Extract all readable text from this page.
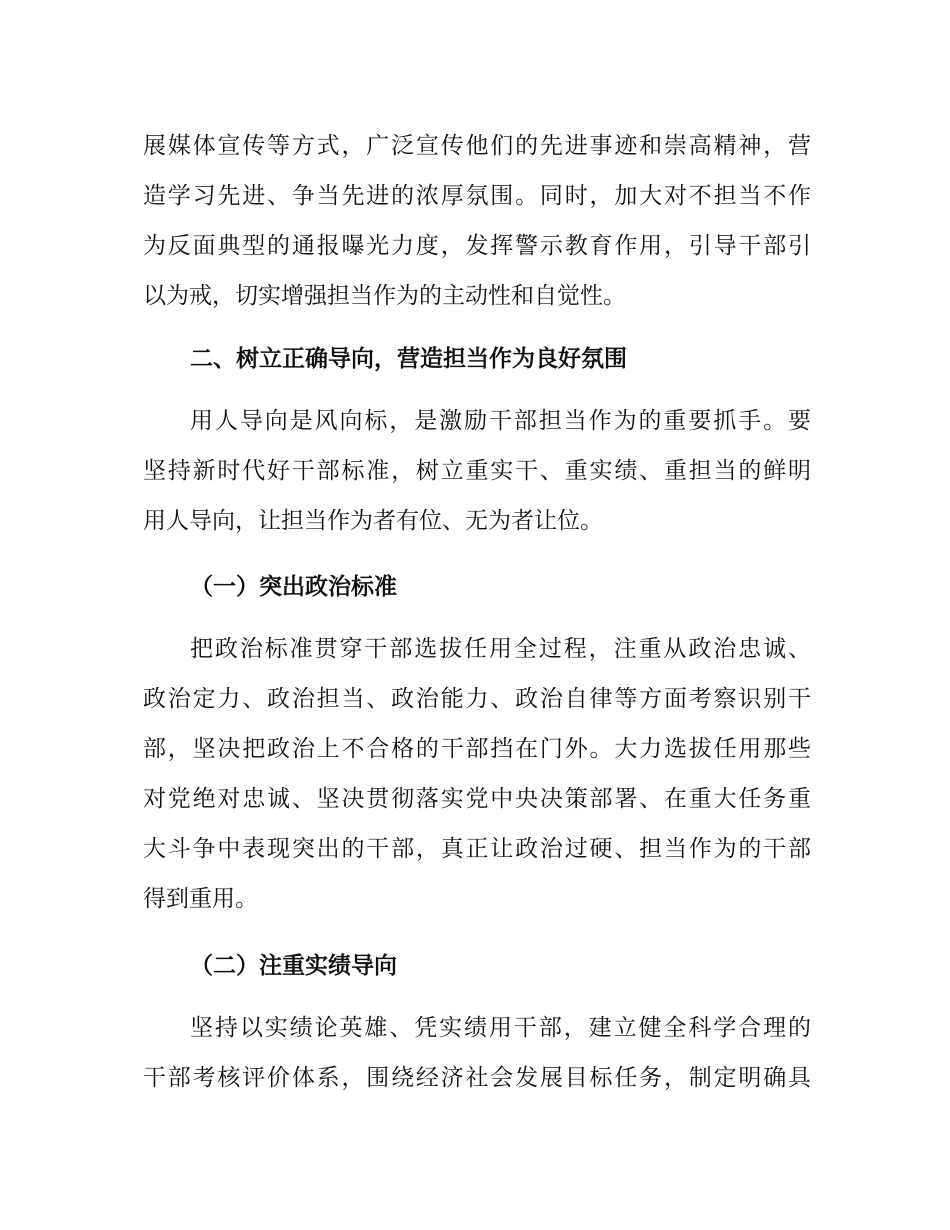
展媒体宣传等方式，广泛宣传他们的先进事迹和崇高精神，营
造学习先进、争当先进的浓厚氛围。同时，加大对不担当不作
为反面典型的通报曝光力度，发挥警示教育作用，引导干部引
以为戒，切实增强担当作为的主动性和自觉性。
二、树立正确导向，营造担当作为良好氛围
用人导向是风向标，是激励干部担当作为的重要抓手。要
坚持新时代好干部标准，树立重实干、重实绩、重担当的鲜明
用人导向，让担当作为者有位、无为者让位。
（一）突出政治标准
把政治标准贯穿干部选拔任用全过程，注重从政治忠诚、
政治定力、政治担当、政治能力、政治自律等方面考察识别干
部，坚决把政治上不合格的干部挡在门外。大力选拔任用那些
对党绝对忠诚、坚决贯彻落实党中央决策部署、在重大任务重
大斗争中表现突出的干部，真正让政治过硬、担当作为的干部
得到重用。
（二）注重实绩导向
坚持以实绩论英雄、凭实绩用干部，建立健全科学合理的
干部考核评价体系，围绕经济社会发展目标任务，制定明确具
